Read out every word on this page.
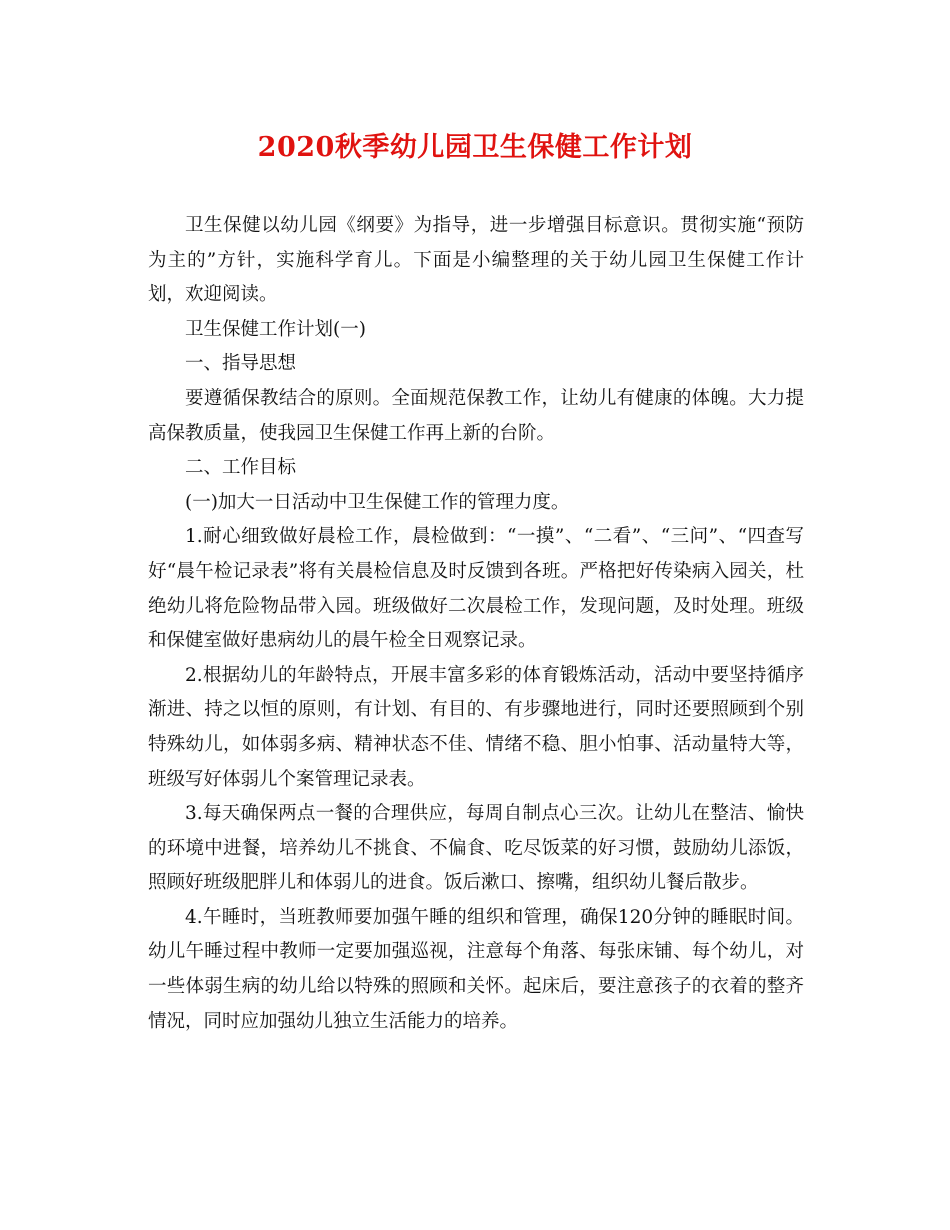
2020秋季幼儿园卫生保健工作计划

卫生保健以幼儿园《纲要》为指导，进一步增强目标意识。贯彻实施“预防为主的”方针，实施科学育儿。下面是小编整理的关于幼儿园卫生保健工作计划，欢迎阅读。

卫生保健工作计划(一)

一、指导思想

要遵循保教结合的原则。全面规范保教工作，让幼儿有健康的体魄。大力提高保教质量，使我园卫生保健工作再上新的台阶。

二、工作目标

(一)加大一日活动中卫生保健工作的管理力度。

1.耐心细致做好晨检工作，晨检做到：“一摸”、“二看”、“三问”、“四查写好“晨午检记录表”将有关晨检信息及时反馈到各班。严格把好传染病入园关，杜绝幼儿将危险物品带入园。班级做好二次晨检工作，发现问题，及时处理。班级和保健室做好患病幼儿的晨午检全日观察记录。

2.根据幼儿的年龄特点，开展丰富多彩的体育锻炼活动，活动中要坚持循序渐进、持之以恒的原则，有计划、有目的、有步骤地进行，同时还要照顾到个别特殊幼儿，如体弱多病、精神状态不佳、情绪不稳、胆小怕事、活动量特大等，班级写好体弱儿个案管理记录表。

3.每天确保两点一餐的合理供应，每周自制点心三次。让幼儿在整洁、愉快的环境中进餐，培养幼儿不挑食、不偏食、吃尽饭菜的好习惯，鼓励幼儿添饭，照顾好班级肥胖儿和体弱儿的进食。饭后漱口、擦嘴，组织幼儿餐后散步。

4.午睡时，当班教师要加强午睡的组织和管理，确保120分钟的睡眠时间。幼儿午睡过程中教师一定要加强巡视，注意每个角落、每张床铺、每个幼儿，对一些体弱生病的幼儿给以特殊的照顾和关怀。起床后，要注意孩子的衣着的整齐情况，同时应加强幼儿独立生活能力的培养。
